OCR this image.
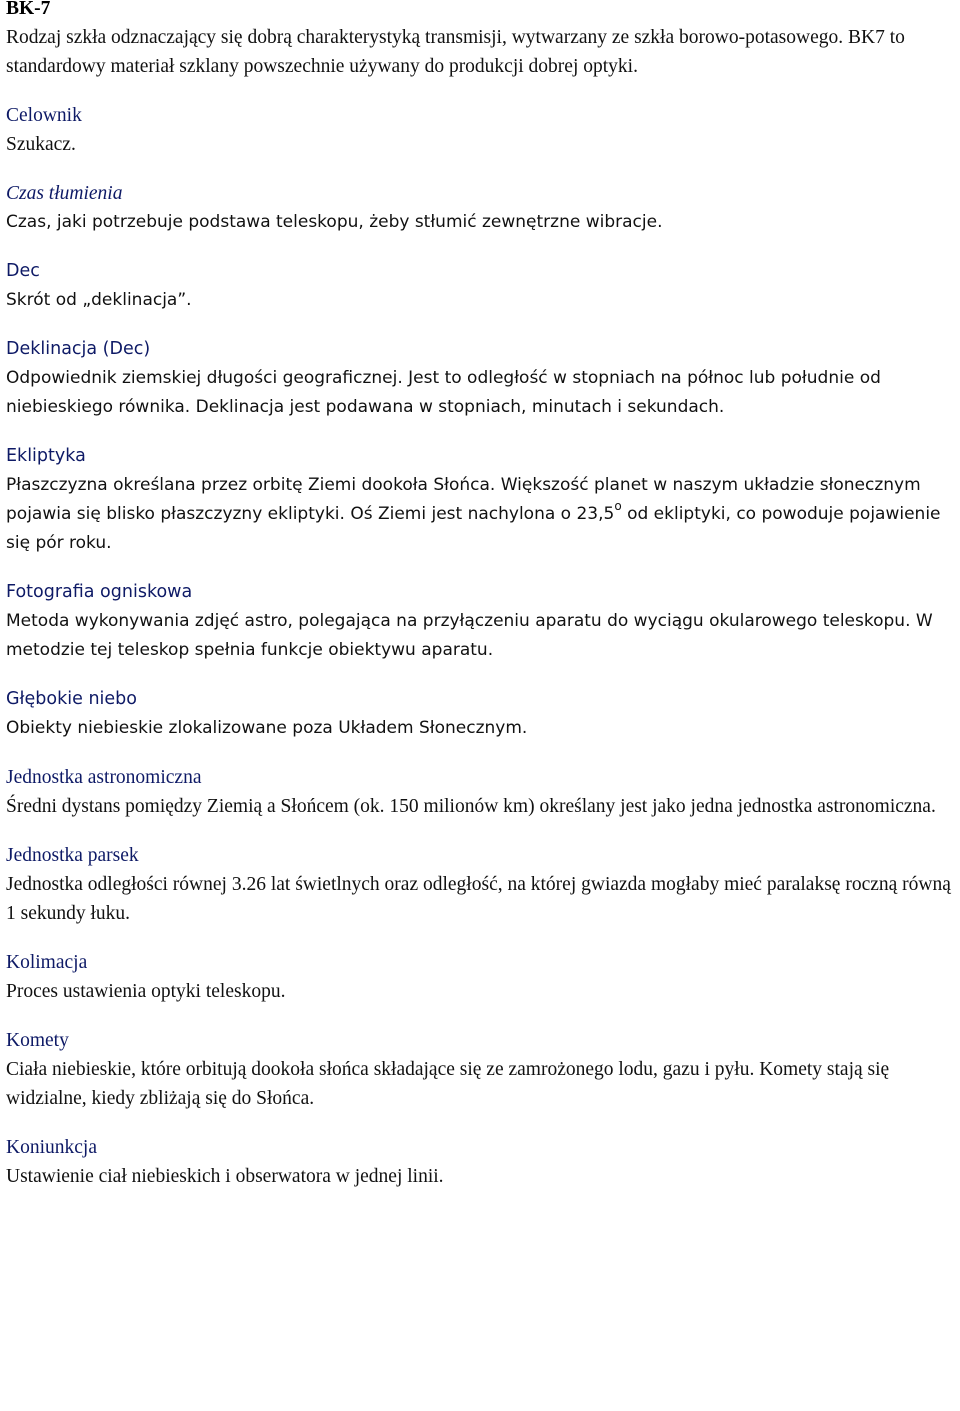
BK-7

Rodzaj szkła odznaczający się dobrą charakterystyką transmisji, wytwarzany ze szkła borowo-potasowego. BK7 to standardowy materiał szklany powszechnie używany do produkcji dobrej optyki.

Celownik

Szukacz.

Czas tłumienia

Czas, jaki potrzebuje podstawa teleskopu, żeby stłumić zewnętrzne wibracje.

Dec

Skrót od „deklinacja”.

Deklinacja (Dec)

Odpowiednik ziemskiej długości geograficznej. Jest to odległość w stopniach na północ lub południe od niebieskiego równika. Deklinacja jest podawana w stopniach, minutach i sekundach.

Ekliptyka

Płaszczyzna określana przez orbitę Ziemi dookoła Słońca. Większość planet w naszym układzie słonecznym pojawia się blisko płaszczyzny ekliptyki. Oś Ziemi jest nachylona o 23,5$^o$ od ekliptyki, co powoduje pojawienie się pór roku.

Fotografia ogniskowa

Metoda wykonywania zdjęć astro, polegająca na przyłączeniu aparatu do wyciągu okularowego teleskopu. W metodzie tej teleskop spełnia funkcje obiektywu aparatu.

Głębokie niebo

Obiekty niebieskie zlokalizowane poza Układem Słonecznym.

Jednostka astronomiczna

Średni dystans pomiędzy Ziemią a Słońcem (ok. 150 milionów km) określany jest jako jedna jednostka astronomiczna.

Jednostka parsek

Jednostka odległości równej 3.26 lat świetlnych oraz odległość, na której gwiazda mogłaby mieć paralaksę roczną równą 1 sekundy łuku.

Kolimacja

Proces ustawienia optyki teleskopu.

Komety

Ciała niebieskie, które orbitują dookoła słońca składające się ze zamrożonego lodu, gazu i pyłu. Komety stają się widzialne, kiedy zbliżają się do Słońca.

Koniunkcja

Ustawienie ciał niebieskich i obserwatora w jednej linii.
